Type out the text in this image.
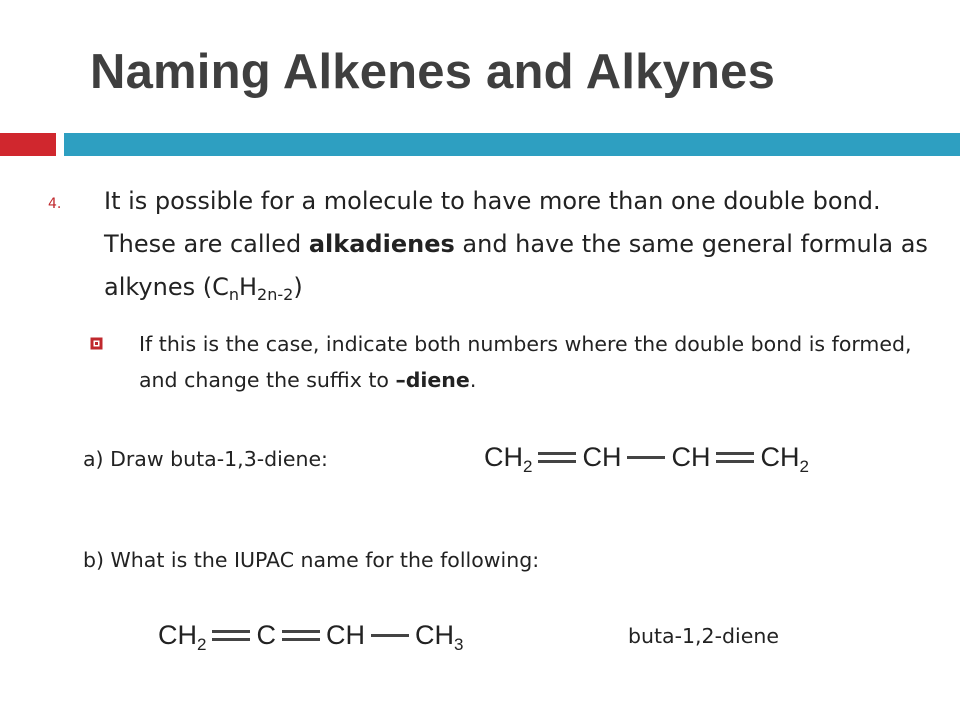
Naming Alkenes and Alkynes
4. It is possible for a molecule to have more than one double bond. These are called alkadienes and have the same general formula as alkynes $(C_nH_{2n-2})$
If this is the case, indicate both numbers where the double bond is formed, and change the suffix to –diene.
a) Draw buta-1,3-diene:	$CH_2$ CH CH $CH_2$
b) What is the IUPAC name for the following:
$CH_2$ C CH $CH_3$	buta-1,2-diene
